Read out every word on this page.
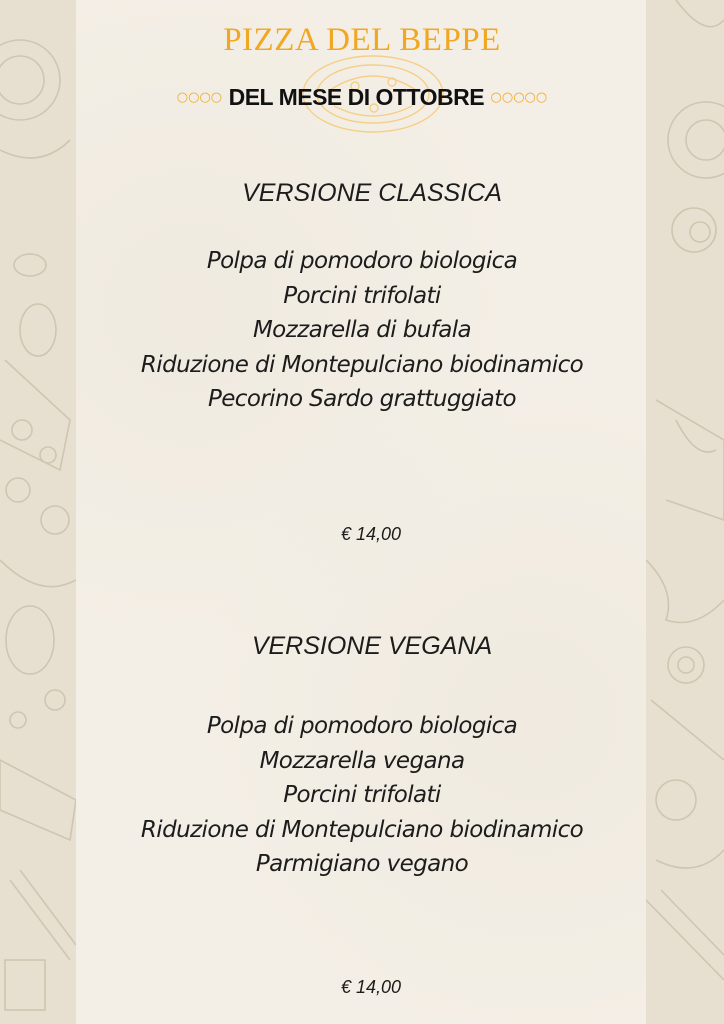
PIZZA DEL BEPPE
○○○○ DEL MESE DI OTTOBRE ○○○○○
VERSIONE CLASSICA
Polpa di pomodoro biologica
Porcini trifolati
Mozzarella di bufala
Riduzione di Montepulciano biodinamico
Pecorino Sardo grattuggiato
€ 14,00
VERSIONE VEGANA
Polpa di pomodoro biologica
Mozzarella vegana
Porcini trifolati
Riduzione di Montepulciano biodinamico
Parmigiano vegano
€ 14,00
